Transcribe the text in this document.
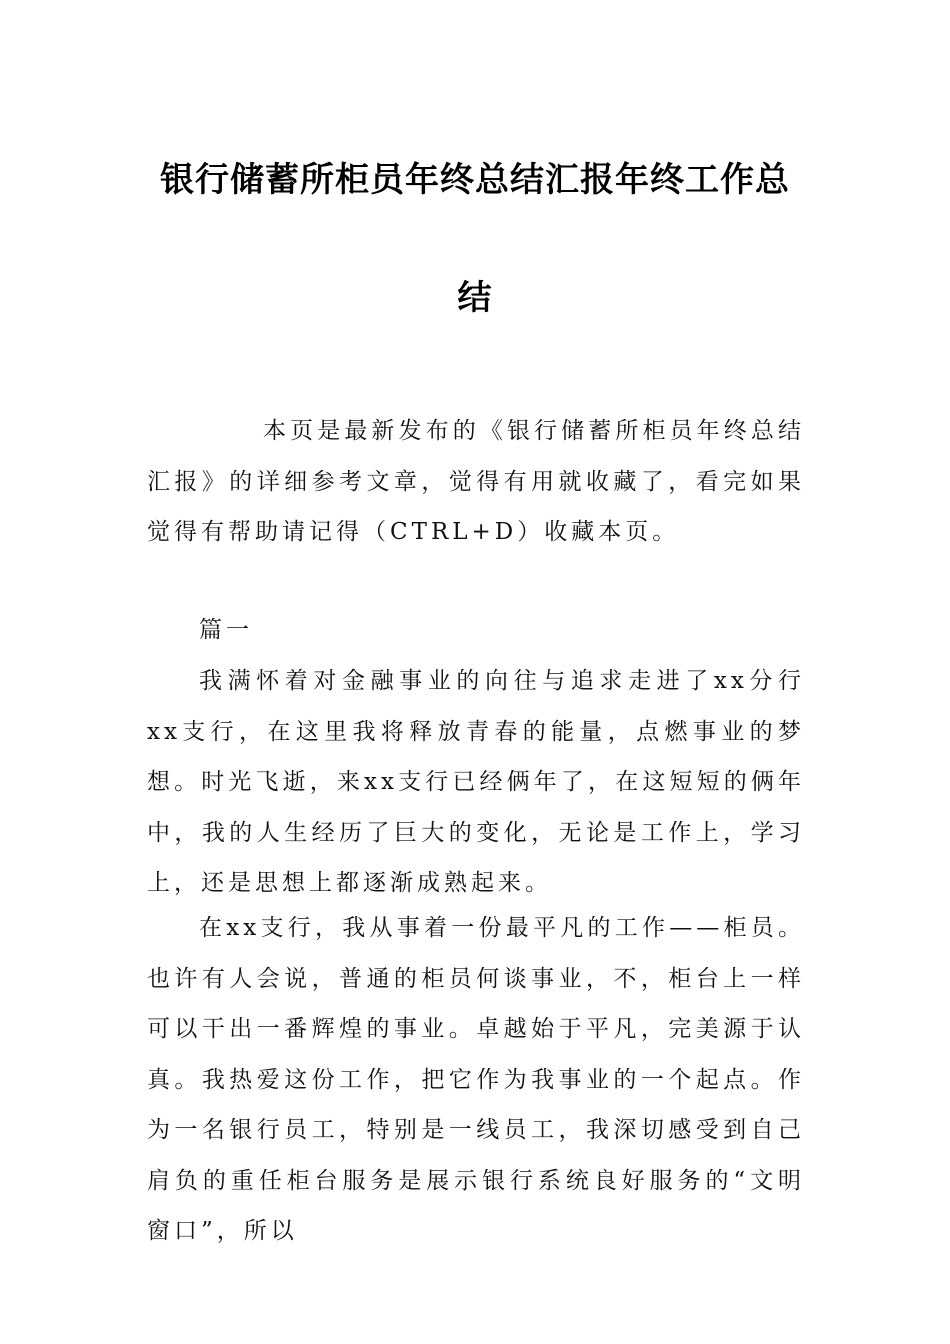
银行储蓄所柜员年终总结汇报年终工作总
结

本页是最新发布的《银行储蓄所柜员年终总结汇报》的详细参考文章，觉得有用就收藏了，看完如果觉得有帮助请记得（CTRL+D）收藏本页。

篇一

我满怀着对金融事业的向往与追求走进了xx分行xx支行，在这里我将释放青春的能量，点燃事业的梦想。时光飞逝，来xx支行已经俩年了，在这短短的俩年中，我的人生经历了巨大的变化，无论是工作上，学习上，还是思想上都逐渐成熟起来。

在xx支行，我从事着一份最平凡的工作——柜员。也许有人会说，普通的柜员何谈事业，不，柜台上一样可以干出一番辉煌的事业。卓越始于平凡，完美源于认真。我热爱这份工作，把它作为我事业的一个起点。作为一名银行员工，特别是一线员工，我深切感受到自己肩负的重任柜台服务是展示银行系统良好服务的“文明窗口”，所以
